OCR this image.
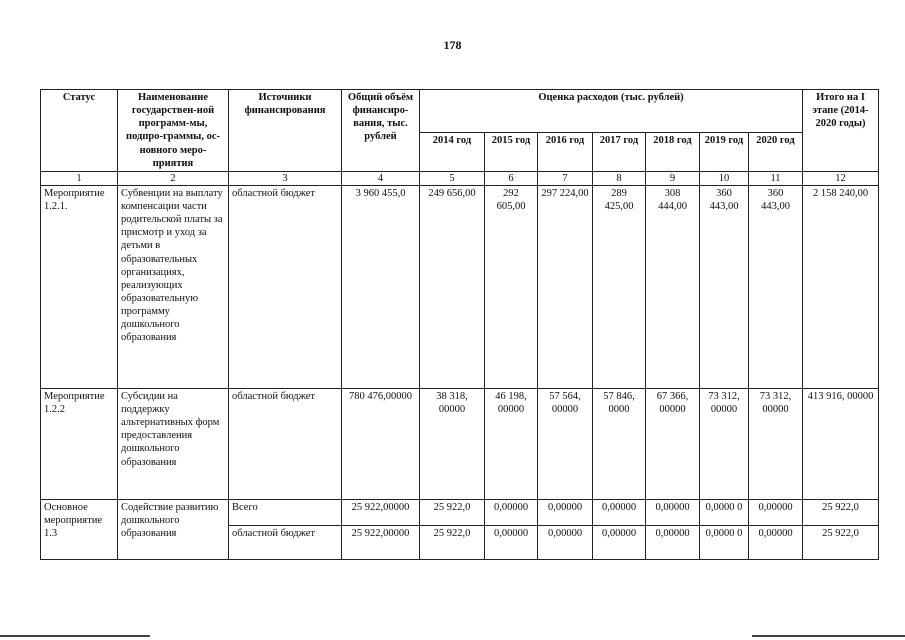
178
Статус	Наименование государствен-ной программ-мы, подпро-граммы, ос-новного меро-приятия	Источники финансирования	Общий объём финансиро-вания, тыс. рублей	Оценка расходов (тыс. рублей)							Итого на I этапе (2014-2020 годы)
				2014 год	2015 год	2016 год	2017 год	2018 год	2019 год	2020 год	
1	2	3	4	5	6	7	8	9	10	11	12
Мероприятие 1.2.1.	Субвенции на выплату компенсации части родительской платы за присмотр и уход за детьми в образовательных организациях, реализующих образовательную программу дошкольного образования	областной бюджет	3 960 455,0	249 656,00	292 605,00	297 224,00	289 425,00	308 444,00	360 443,00	360 443,00	2 158 240,00
Мероприятие 1.2.2	Субсидии на поддержку альтернативных форм предоставления дошкольного образования	областной бюджет	780 476,00000	38 318, 00000	46 198, 00000	57 564, 00000	57 846, 0000	67 366, 00000	73 312, 00000	73 312, 00000	413 916, 00000
Основное мероприятие 1.3	Содействие развитию дошкольного образования	Всего	25 922,00000	25 922,0	0,00000	0,00000	0,00000	0,00000	0,0000 0	0,00000	25 922,0
		областной бюджет	25 922,00000	25 922,0	0,00000	0,00000	0,00000	0,00000	0,0000 0	0,00000	25 922,0
